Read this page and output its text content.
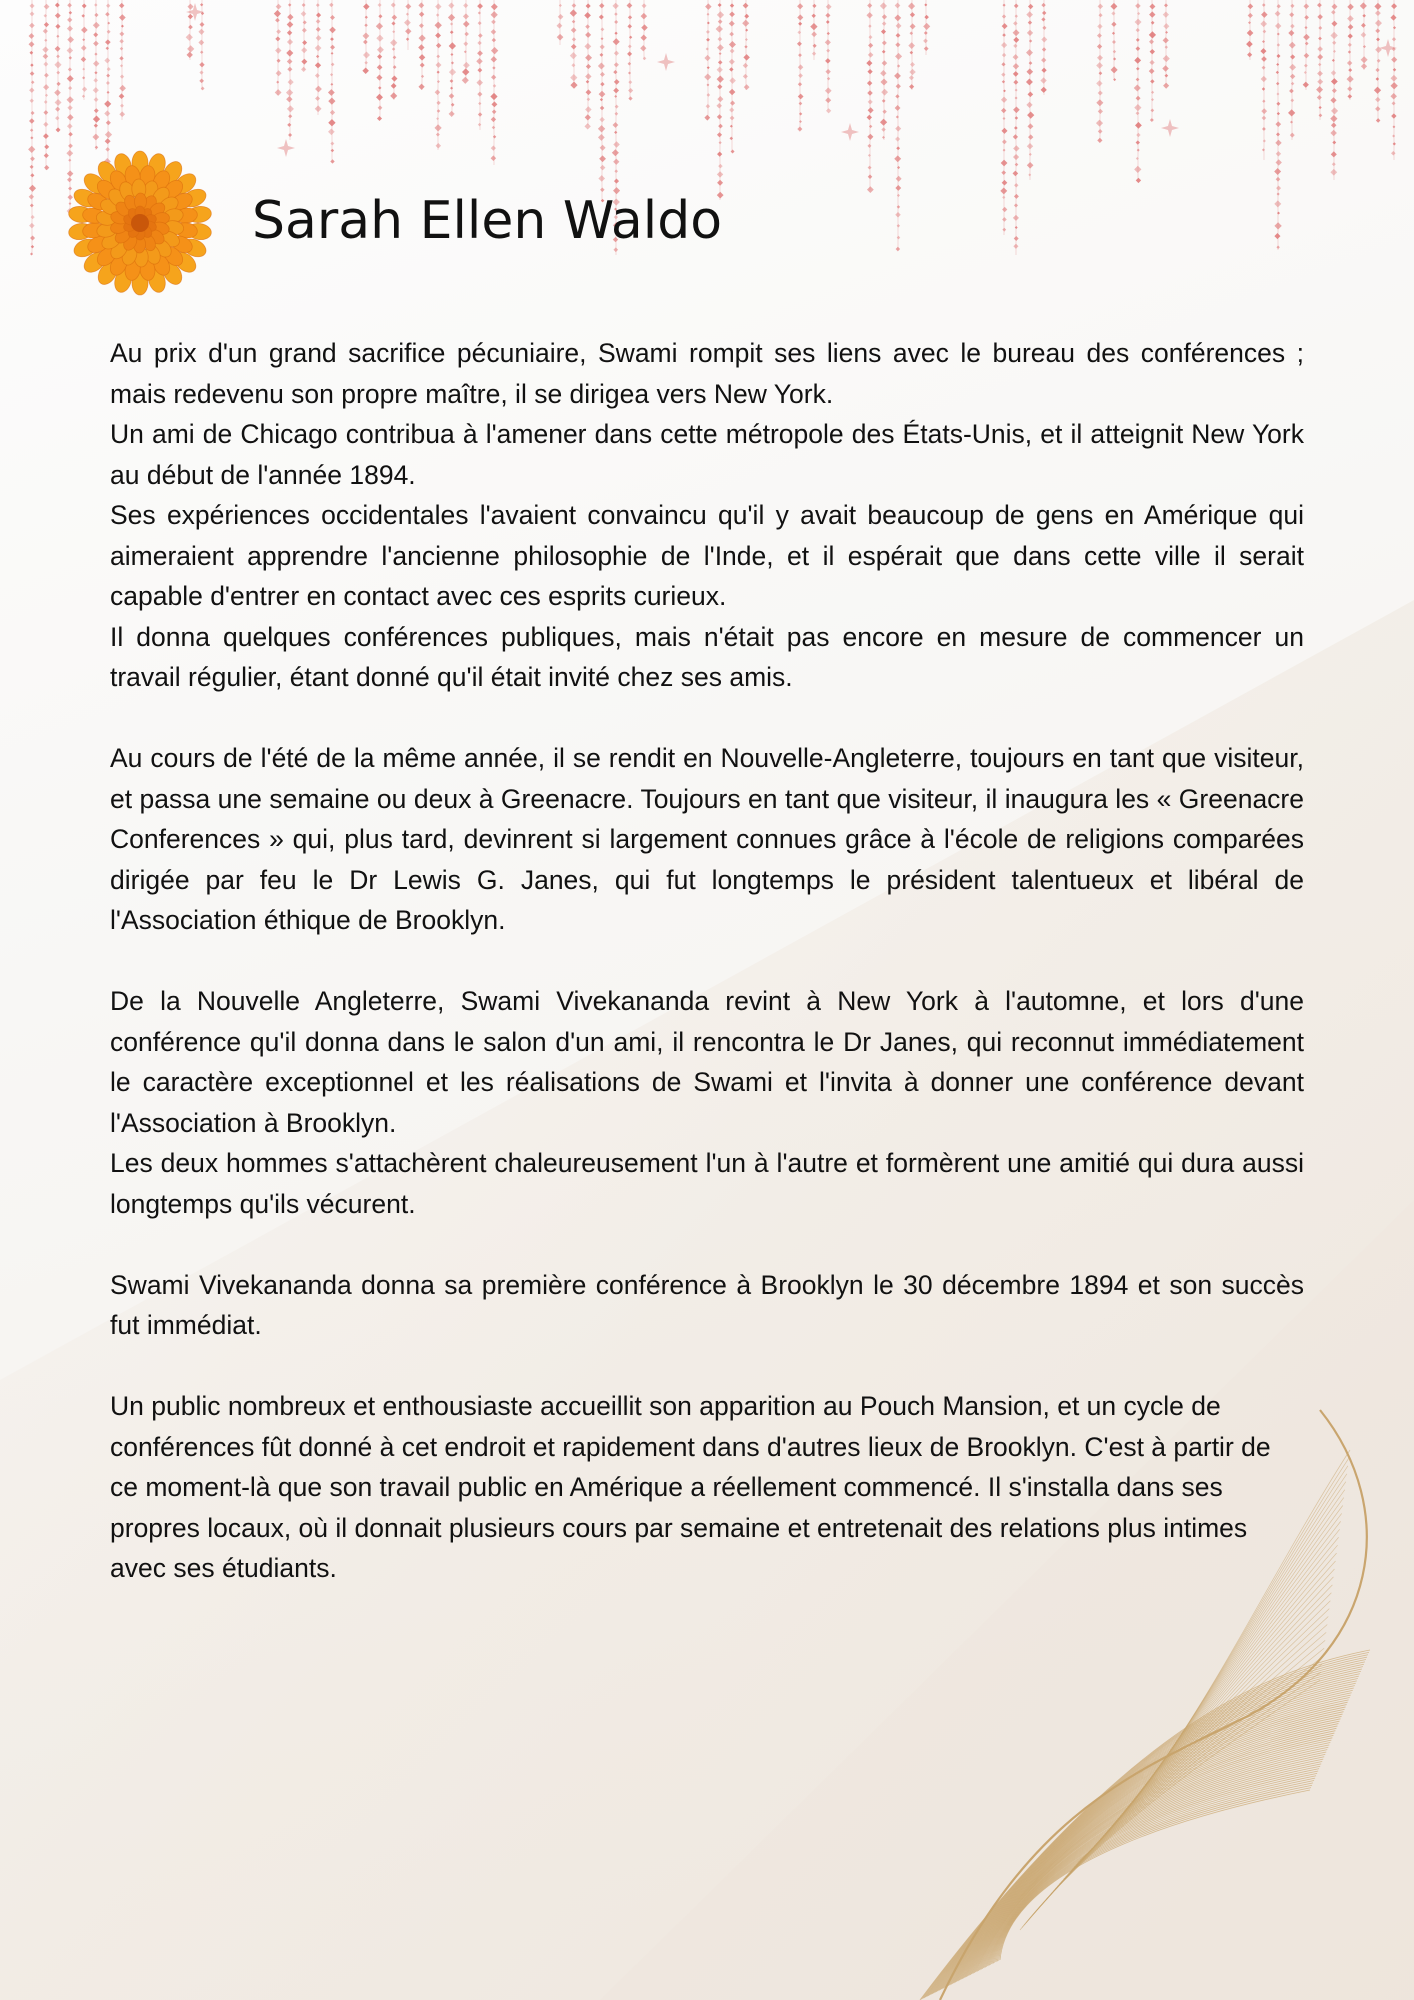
Sarah Ellen Waldo

Au prix d'un grand sacrifice pécuniaire, Swami rompit ses liens avec le bureau des conférences ; mais redevenu son propre maître, il se dirigea vers New York.

Un ami de Chicago contribua à l'amener dans cette métropole des États-Unis, et il atteignit New York au début de l'année 1894.

Ses expériences occidentales l'avaient convaincu qu'il y avait beaucoup de gens en Amérique qui aimeraient apprendre l'ancienne philosophie de l'Inde, et il espérait que dans cette ville il serait capable d'entrer en contact avec ces esprits curieux.

Il donna quelques conférences publiques, mais n'était pas encore en mesure de commencer un travail régulier, étant donné qu'il était invité chez ses amis.

Au cours de l'été de la même année, il se rendit en Nouvelle-Angleterre, toujours en tant que visiteur, et passa une semaine ou deux à Greenacre. Toujours en tant que visiteur, il inaugura les « Greenacre Conferences » qui, plus tard, devinrent si largement connues grâce à l'école de religions comparées dirigée par feu le Dr Lewis G. Janes, qui fut longtemps le président talentueux et libéral de l'Association éthique de Brooklyn.

De la Nouvelle Angleterre, Swami Vivekananda revint à New York à l'automne, et lors d'une conférence qu'il donna dans le salon d'un ami, il rencontra le Dr Janes, qui reconnut immédiatement le caractère exceptionnel et les réalisations de Swami et l'invita à donner une conférence devant l'Association à Brooklyn.

Les deux hommes s'attachèrent chaleureusement l'un à l'autre et formèrent une amitié qui dura aussi longtemps qu'ils vécurent.

Swami Vivekananda donna sa première conférence à Brooklyn le 30 décembre 1894 et son succès fut immédiat.

Un public nombreux et enthousiaste accueillit son apparition au Pouch Mansion, et un cycle de conférences fût donné à cet endroit et rapidement dans d'autres lieux de Brooklyn. C'est à partir de ce moment-là que son travail public en Amérique a réellement commencé. Il s'installa dans ses propres locaux, où il donnait plusieurs cours par semaine et entretenait des relations plus intimes avec ses étudiants.
